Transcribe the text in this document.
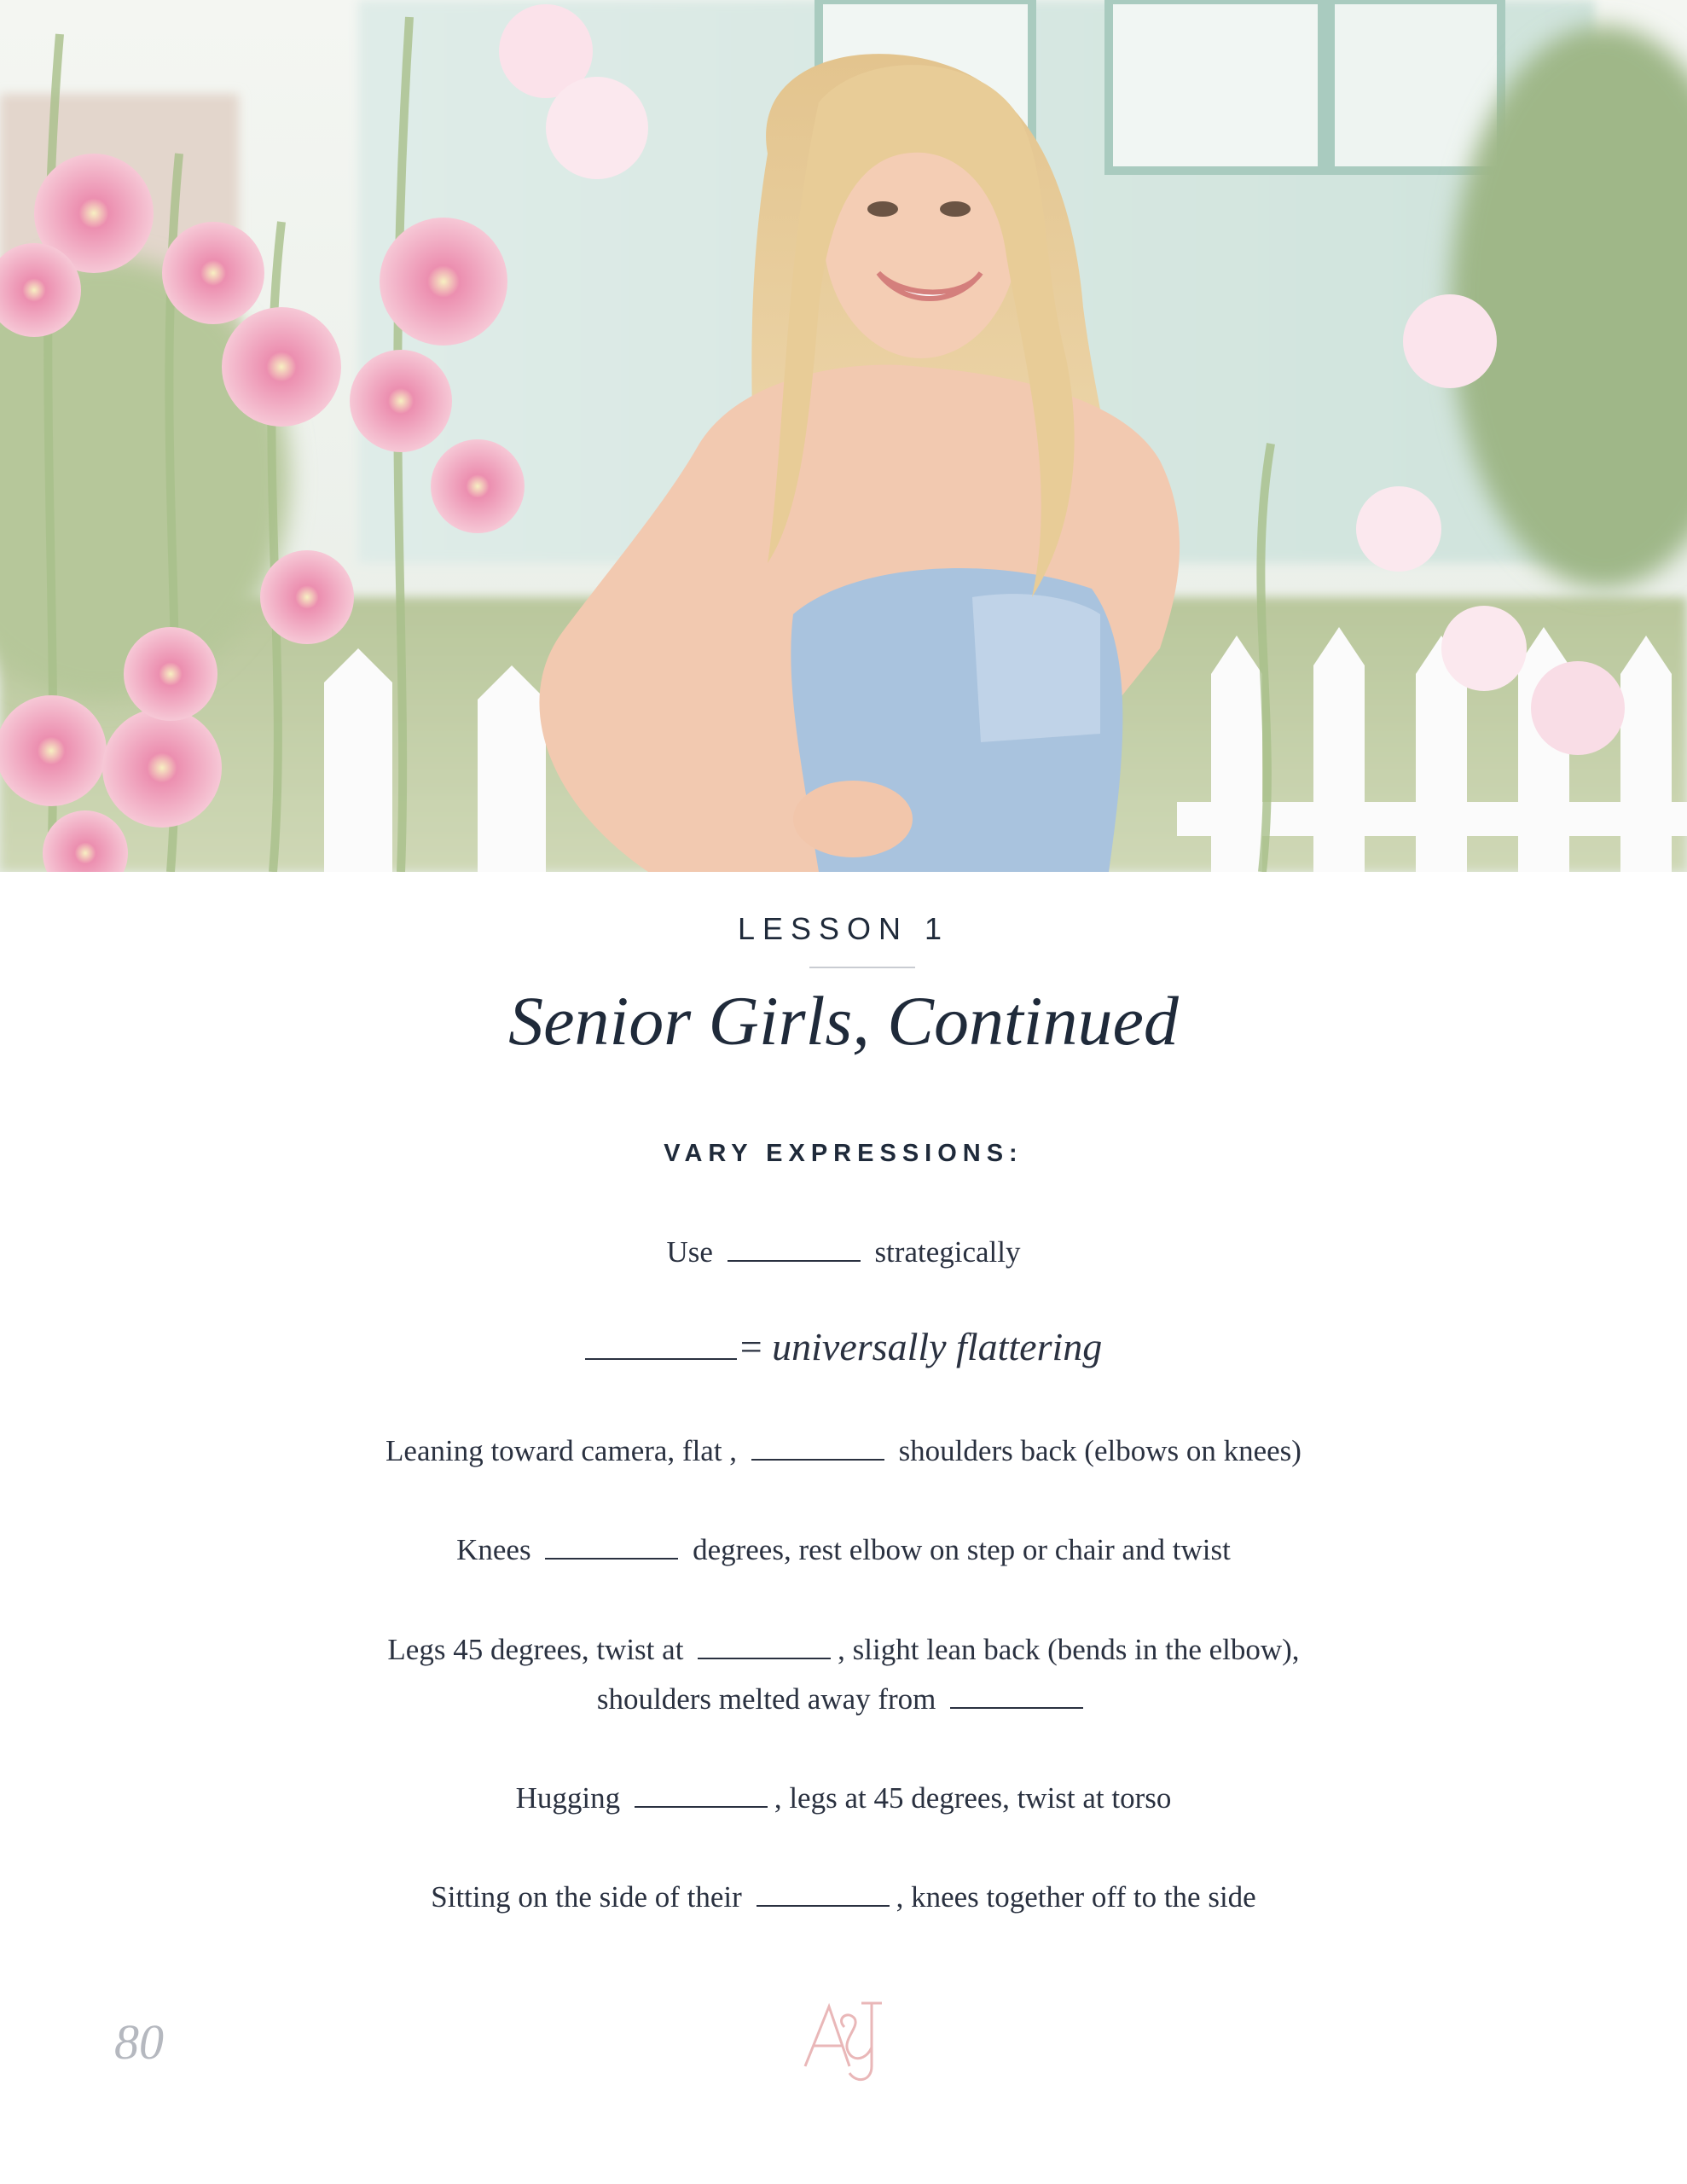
LESSON 1
Senior Girls, Continued
VARY EXPRESSIONS:
Use	strategically
= universally flattering
Leaning toward camera, flat ,	shoulders back (elbows on knees)
Knees	degrees, rest elbow on step or chair and twist
Legs 45 degrees, twist at	, slight lean back (bends in the elbow),
shoulders melted away from
Hugging	, legs at 45 degrees, twist at torso
Sitting on the side of their	, knees together off to the side
80
